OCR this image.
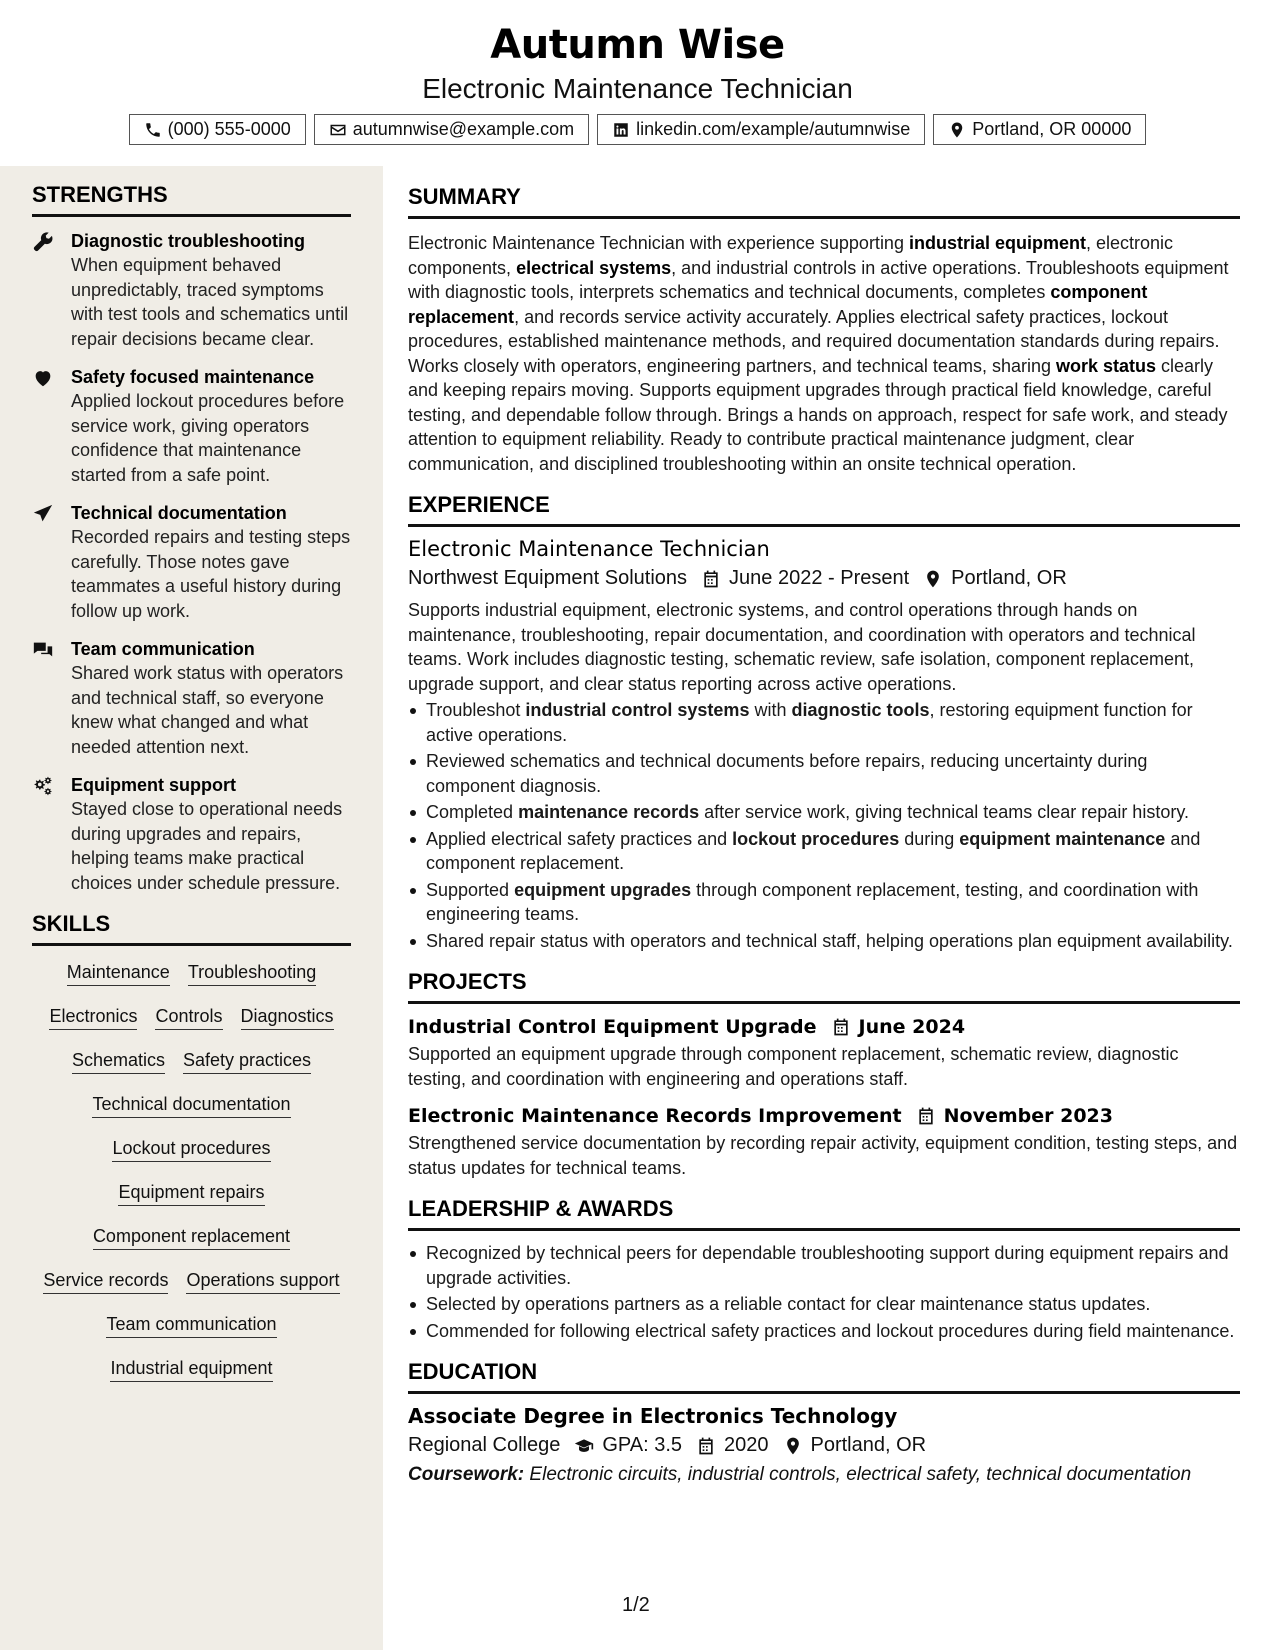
Autumn Wise
Electronic Maintenance Technician
(000) 555-0000	autumnwise@example.com	linkedin.com/example/autumnwise	Portland, OR 00000
STRENGTHS
Diagnostic troubleshooting
When equipment behaved unpredictably, traced symptoms with test tools and schematics until repair decisions became clear.
Safety focused maintenance
Applied lockout procedures before service work, giving operators confidence that maintenance started from a safe point.
Technical documentation
Recorded repairs and testing steps carefully. Those notes gave teammates a useful history during follow up work.
Team communication
Shared work status with operators and technical staff, so everyone knew what changed and what needed attention next.
Equipment support
Stayed close to operational needs during upgrades and repairs, helping teams make practical choices under schedule pressure.
SKILLS
Maintenance Troubleshooting
Electronics Controls Diagnostics
Schematics Safety practices
Technical documentation
Lockout procedures
Equipment repairs
Component replacement
Service records Operations support
Team communication
Industrial equipment
SUMMARY
Electronic Maintenance Technician with experience supporting industrial equipment, electronic components, electrical systems, and industrial controls in active operations. Troubleshoots equipment with diagnostic tools, interprets schematics and technical documents, completes component replacement, and records service activity accurately. Applies electrical safety practices, lockout procedures, established maintenance methods, and required documentation standards during repairs. Works closely with operators, engineering partners, and technical teams, sharing work status clearly and keeping repairs moving. Supports equipment upgrades through practical field knowledge, careful testing, and dependable follow through. Brings a hands on approach, respect for safe work, and steady attention to equipment reliability. Ready to contribute practical maintenance judgment, clear communication, and disciplined troubleshooting within an onsite technical operation.
EXPERIENCE
Electronic Maintenance Technician
Northwest Equipment Solutions June 2022 - Present Portland, OR
Supports industrial equipment, electronic systems, and control operations through hands on maintenance, troubleshooting, repair documentation, and coordination with operators and technical teams. Work includes diagnostic testing, schematic review, safe isolation, component replacement, upgrade support, and clear status reporting across active operations.
Troubleshot industrial control systems with diagnostic tools, restoring equipment function for active operations.
Reviewed schematics and technical documents before repairs, reducing uncertainty during component diagnosis.
Completed maintenance records after service work, giving technical teams clear repair history.
Applied electrical safety practices and lockout procedures during equipment maintenance and component replacement.
Supported equipment upgrades through component replacement, testing, and coordination with engineering teams.
Shared repair status with operators and technical staff, helping operations plan equipment availability.
PROJECTS
Industrial Control Equipment Upgrade June 2024
Supported an equipment upgrade through component replacement, schematic review, diagnostic testing, and coordination with engineering and operations staff.
Electronic Maintenance Records Improvement November 2023
Strengthened service documentation by recording repair activity, equipment condition, testing steps, and status updates for technical teams.
LEADERSHIP & AWARDS
Recognized by technical peers for dependable troubleshooting support during equipment repairs and upgrade activities.
Selected by operations partners as a reliable contact for clear maintenance status updates.
Commended for following electrical safety practices and lockout procedures during field maintenance.
EDUCATION
Associate Degree in Electronics Technology
Regional College GPA: 3.5 2020 Portland, OR
Coursework: Electronic circuits, industrial controls, electrical safety, technical documentation
1/2
